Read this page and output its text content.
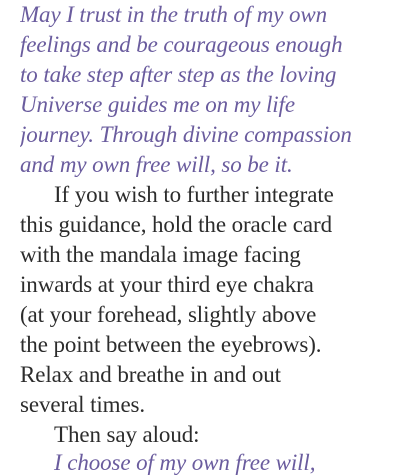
May I trust in the truth of my own
feelings and be courageous enough
to take step after step as the loving
Universe guides me on my life
journey. Through divine compassion
and my own free will, so be it.
If you wish to further integrate
this guidance, hold the oracle card
with the mandala image facing
inwards at your third eye chakra
(at your forehead, slightly above
the point between the eyebrows).
Relax and breathe in and out
several times.
Then say aloud:
I choose of my own free will,
